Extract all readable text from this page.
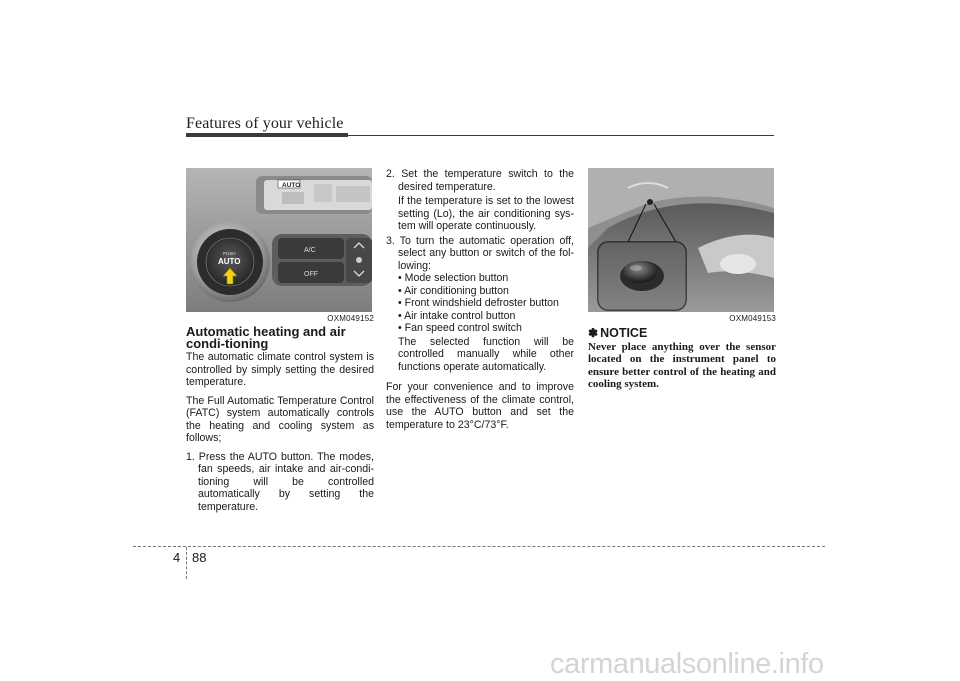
Features of your vehicle
AUTO
A/C
OFF
PUSH
AUTO
OXM049152
Automatic heating and air condi-tioning

The automatic climate control system is controlled by simply setting the desired temperature.

The Full Automatic Temperature Control (FATC) system automatically controls the heating and cooling system as follows;

1. Press the AUTO button. The modes, fan speeds, air intake and air-condi-tioning will be controlled automatically by setting the temperature.
2. Set the temperature switch to the desired temperature.
If the temperature is set to the lowest setting (Lo), the air conditioning sys-tem will operate continuously.
3. To turn the automatic operation off, select any button or switch of the fol-lowing:
• Mode selection button
• Air conditioning button
• Front windshield defroster button
• Air intake control button
• Fan speed control switch
The selected function will be controlled manually while other functions operate automatically.

For your convenience and to improve the effectiveness of the climate control, use the AUTO button and set the temperature to 23°C/73°F.

OXM049153
✽ NOTICE
Never place anything over the sensor located on the instrument panel to ensure better control of the heating and cooling system.
4 88
carmanualsonline.info
